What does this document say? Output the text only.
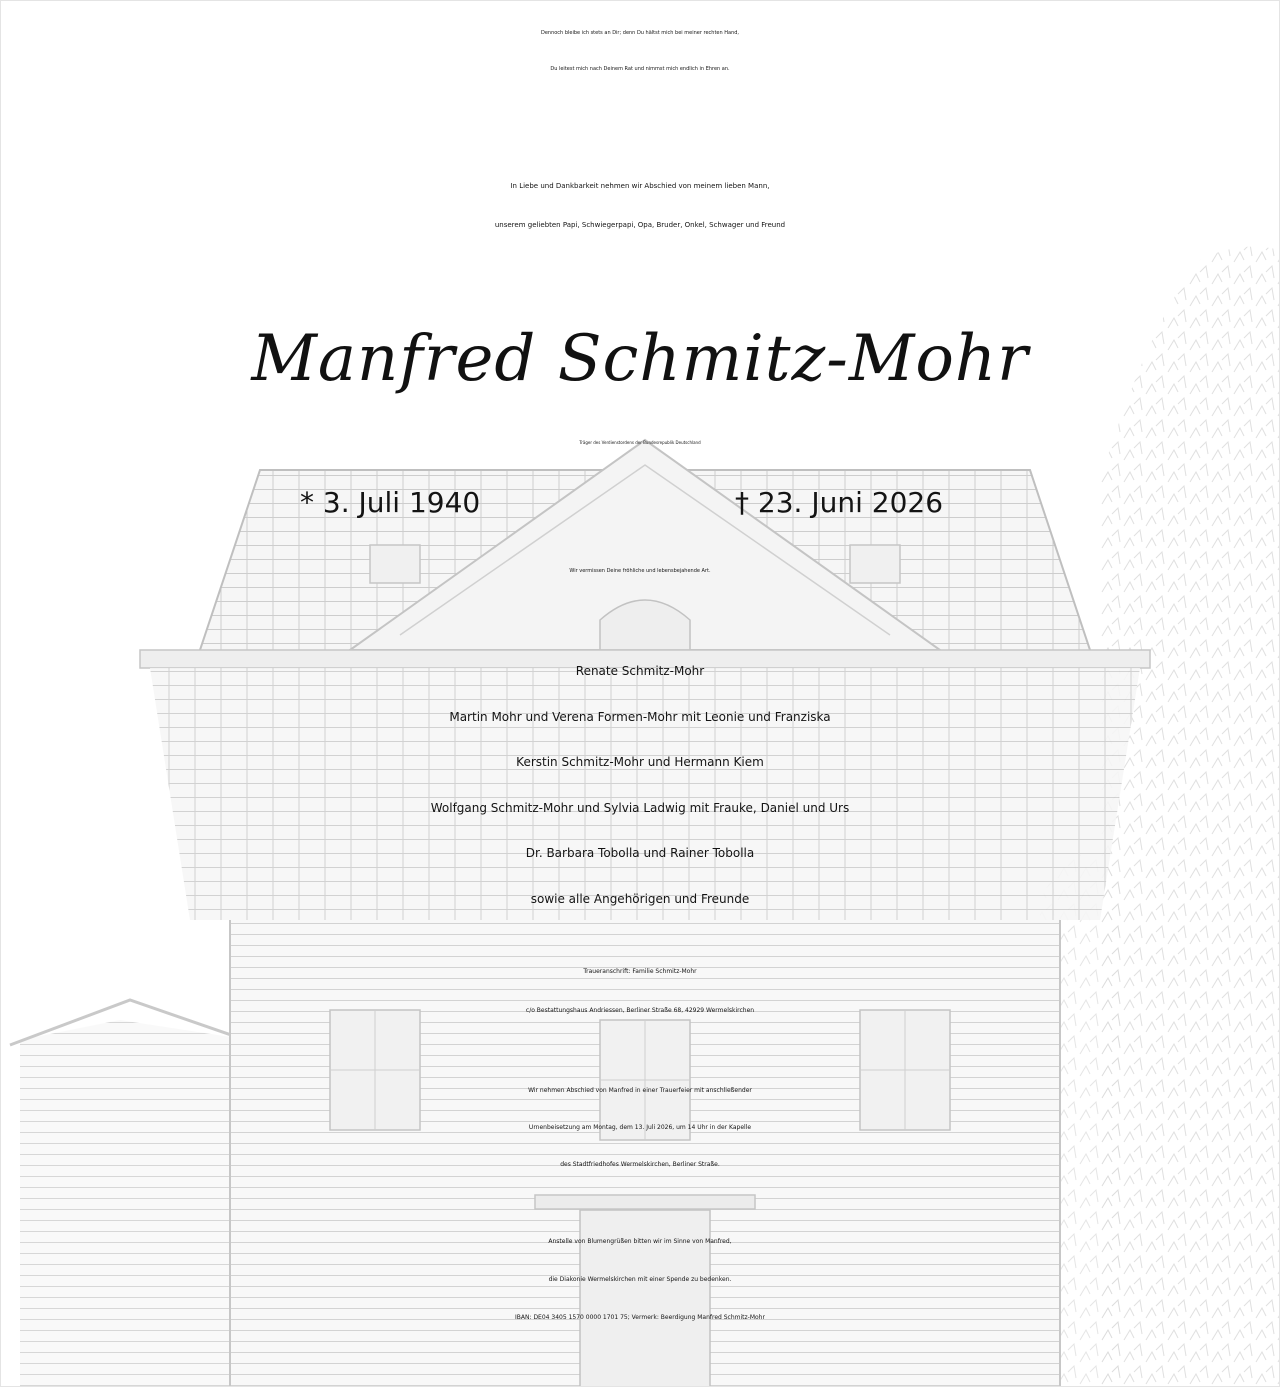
Dennoch bleibe ich stets an Dir; denn Du hältst mich bei meiner rechten Hand,
Du leitest mich nach Deinem Rat und nimmst mich endlich in Ehren an.
In Liebe und Dankbarkeit nehmen wir Abschied von meinem lieben Mann,
unserem geliebten Papi, Schwiegerpapi, Opa, Bruder, Onkel, Schwager und Freund
Manfred Schmitz-Mohr
Träger des Verdienstordens der Bundesrepublik Deutschland
* 3. Juli 1940	† 23. Juni 2026
Wir vermissen Deine fröhliche und lebensbejahende Art.
Renate Schmitz-Mohr
Martin Mohr und Verena Formen-Mohr mit Leonie und Franziska
Kerstin Schmitz-Mohr und Hermann Kiem
Wolfgang Schmitz-Mohr und Sylvia Ladwig mit Frauke, Daniel und Urs
Dr. Barbara Tobolla und Rainer Tobolla
sowie alle Angehörigen und Freunde
Traueranschrift: Familie Schmitz-Mohr
c/o Bestattungshaus Andriessen, Berliner Straße 68, 42929 Wermelskirchen
Wir nehmen Abschied von Manfred in einer Trauerfeier mit anschließender
Urnenbeisetzung am Montag, dem 13. Juli 2026, um 14 Uhr in der Kapelle
des Stadtfriedhofes Wermelskirchen, Berliner Straße.
Anstelle von Blumengrüßen bitten wir im Sinne von Manfred,
die Diakonie Wermelskirchen mit einer Spende zu bedenken.
IBAN: DE04 3405 1570 0000 1701 75; Vermerk: Beerdigung Manfred Schmitz-Mohr
